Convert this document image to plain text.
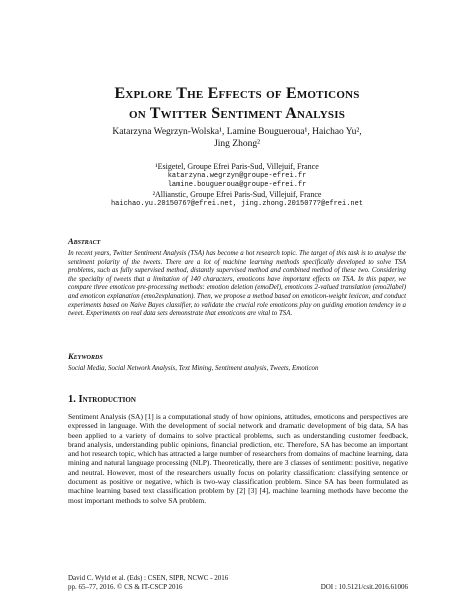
Explore The Effects of Emoticons
on Twitter Sentiment Analysis
Katarzyna Wegrzyn-Wolska¹, Lamine Bougueroua¹, Haichao Yu²,
Jing Zhong²
¹Esigetel, Groupe Efrei Paris-Sud, Villejuif, France
katarzyna.wegrzyn@groupe-efrei.fr
lamine.bougueroua@groupe-efrei.fr
²Allianstic, Groupe Efrei Paris-Sud, Villejuif, France
haichao.yu.2015076?@efrei.net, jing.zhong.2015077?@efrei.net
Abstract
In recent years, Twitter Sentiment Analysis (TSA) has become a hot research topic. The target of this task is to analyse the sentiment polarity of the tweets. There are a lot of machine learning methods specifically developed to solve TSA problems, such as fully supervised method, distantly supervised method and combined method of these two. Considering the specialty of tweets that a limitation of 140 characters, emoticons have important effects on TSA. In this paper, we compare three emoticon pre-processing methods: emotion deletion (emoDel), emoticons 2-valued translation (emo2label) and emoticon explanation (emo2explanation). Then, we propose a method based on emoticon-weight lexicon, and conduct experiments based on Naive Bayes classifier, to validate the crucial role emoticons play on guiding emotion tendency in a tweet. Experiments on real data sets demonstrate that emoticons are vital to TSA.
Keywords
Social Media, Social Network Analysis, Text Mining, Sentiment analysis, Tweets, Emoticon
1. Introduction
Sentiment Analysis (SA) [1] is a computational study of how opinions, attitudes, emoticons and perspectives are expressed in language. With the development of social network and dramatic development of big data, SA has been applied to a variety of domains to solve practical problems, such as understanding customer feedback, brand analysis, understanding public opinions, financial prediction, etc. Therefore, SA has become an important and hot research topic, which has attracted a large number of researchers from domains of machine learning, data mining and natural language processing (NLP). Theoretically, there are 3 classes of sentiment: positive, negative and neutral. However, most of the researchers usually focus on polarity classification: classifying sentence or document as positive or negative, which is two-way classification problem. Since SA has been formulated as machine learning based text classification problem by [2] [3] [4], machine learning methods have become the most important methods to solve SA problem.
David C. Wyld et al. (Eds) : CSEN, SIPR, NCWC - 2016
pp. 65–77, 2016. © CS & IT-CSCP 2016	DOI : 10.5121/csit.2016.61006
